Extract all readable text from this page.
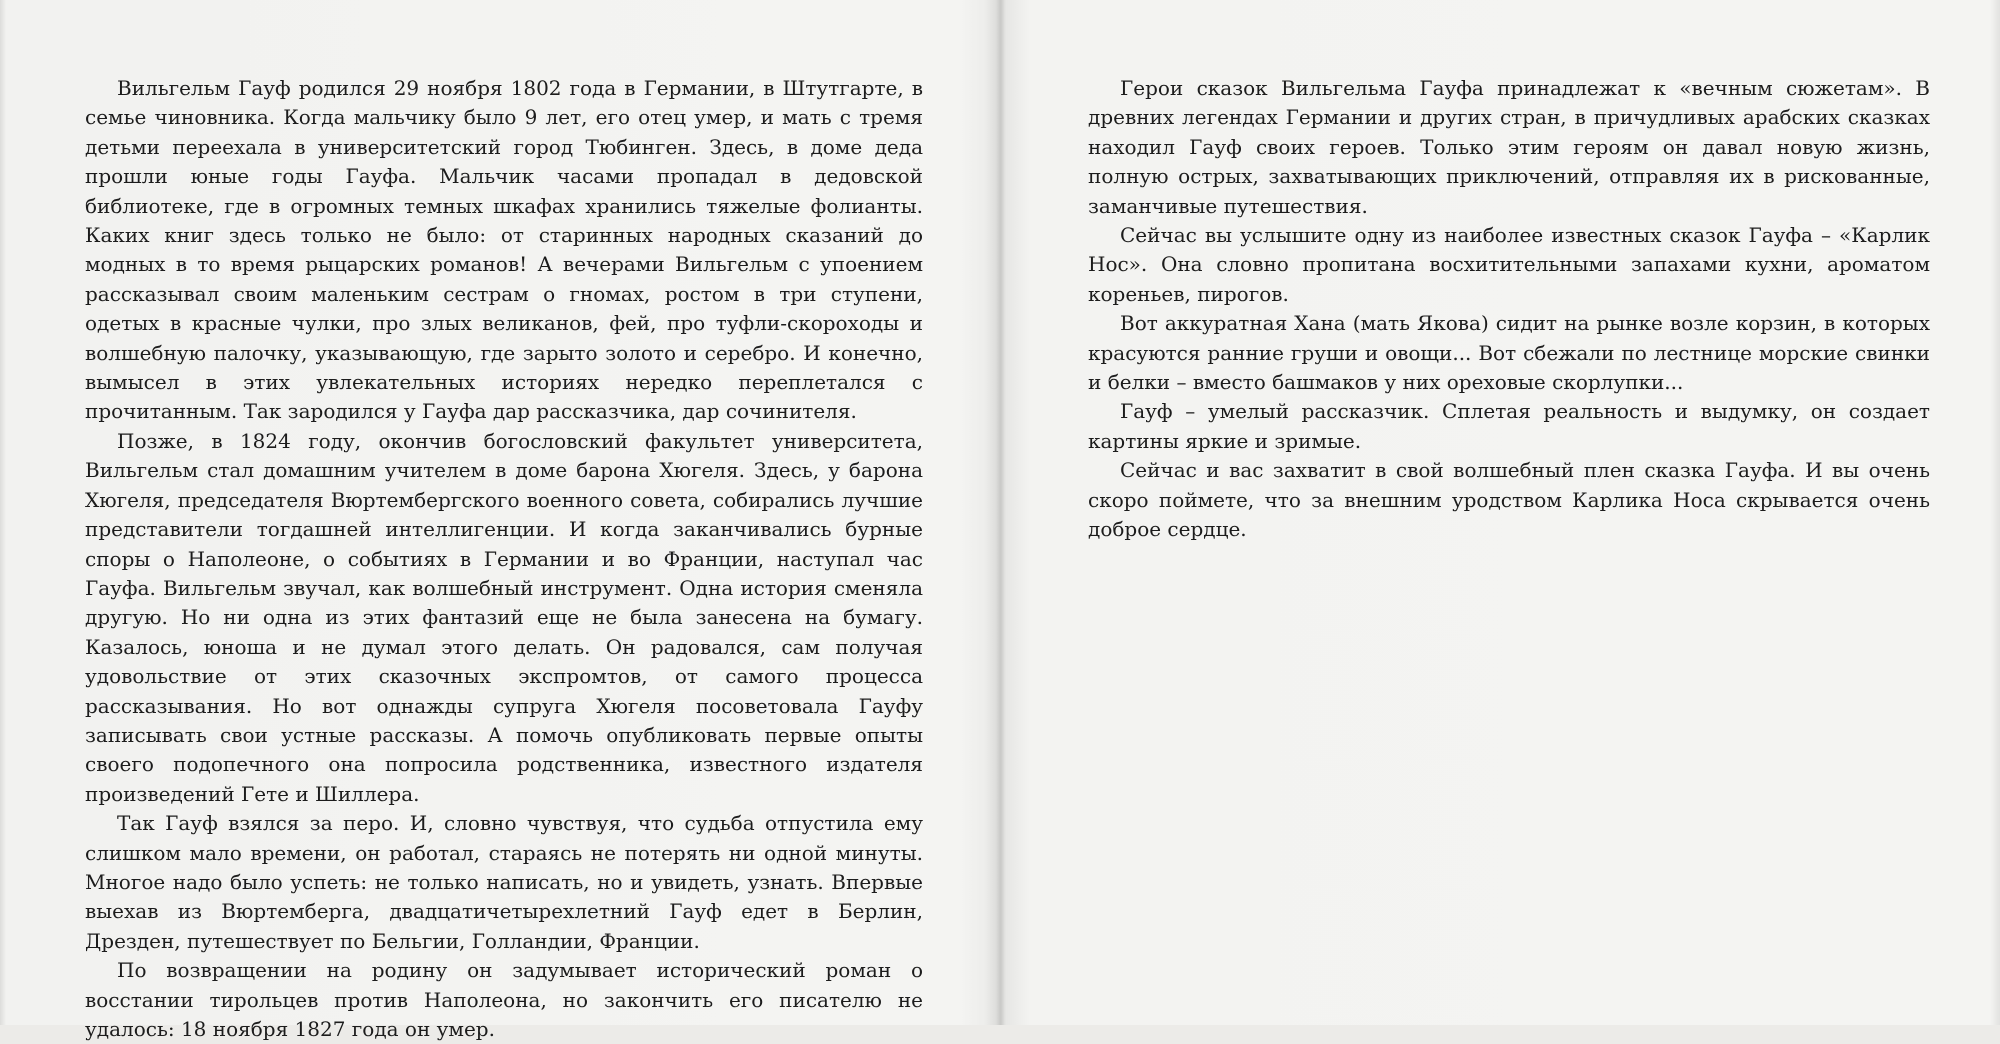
Вильгельм Гауф родился 29 ноября 1802 года в Германии, в Штутгарте, в семье чиновника. Когда мальчику было 9 лет, его отец умер, и мать с тремя детьми переехала в университетский город Тюбинген. Здесь, в доме деда прошли юные годы Гауфа. Мальчик часами пропадал в дедовской библиотеке, где в огромных темных шкафах хранились тяжелые фолианты. Каких книг здесь только не было: от старинных народных сказаний до модных в то время рыцарских романов! А вечерами Вильгельм с упоением рассказывал своим маленьким сестрам о гномах, ростом в три ступени, одетых в красные чулки, про злых великанов, фей, про туфли-скороходы и волшебную палочку, указывающую, где зарыто золото и серебро. И конечно, вымысел в этих увлекательных историях нередко переплетался с прочитанным. Так зародился у Гауфа дар рассказчика, дар сочинителя.

Позже, в 1824 году, окончив богословский факультет университета, Вильгельм стал домашним учителем в доме барона Хюгеля. Здесь, у барона Хюгеля, председателя Вюртембергского военного совета, собирались лучшие представители тогдашней интеллигенции. И когда заканчивались бурные споры о Наполеоне, о событиях в Германии и во Франции, наступал час Гауфа. Вильгельм звучал, как волшебный инструмент. Одна история сменяла другую. Но ни одна из этих фантазий еще не была занесена на бумагу. Казалось, юноша и не думал этого делать. Он радовался, сам получая удовольствие от этих сказочных экспромтов, от самого процесса рассказывания. Но вот однажды супруга Хюгеля посоветовала Гауфу записывать свои устные рассказы. А помочь опубликовать первые опыты своего подопечного она попросила родственника, известного издателя произведений Гете и Шиллера.

Так Гауф взялся за перо. И, словно чувствуя, что судьба отпустила ему слишком мало времени, он работал, стараясь не потерять ни одной минуты. Многое надо было успеть: не только написать, но и увидеть, узнать. Впервые выехав из Вюртемберга, двадцатичетырехлетний Гауф едет в Берлин, Дрезден, путешествует по Бельгии, Голландии, Франции.

По возвращении на родину он задумывает исторический роман о восстании тирольцев против Наполеона, но закончить его писателю не удалось: 18 ноября 1827 года он умер.

Герои сказок Вильгельма Гауфа принадлежат к «вечным сюжетам». В древних легендах Германии и других стран, в причудливых арабских сказках находил Гауф своих героев. Только этим героям он давал новую жизнь, полную острых, захватывающих приключений, отправляя их в рискованные, заманчивые путешествия.

Сейчас вы услышите одну из наиболее известных сказок Гауфа – «Карлик Нос». Она словно пропитана восхитительными запахами кухни, ароматом кореньев, пирогов.

Вот аккуратная Хана (мать Якова) сидит на рынке возле корзин, в которых красуются ранние груши и овощи... Вот сбежали по лестнице морские свинки и белки – вместо башмаков у них ореховые скорлупки...

Гауф – умелый рассказчик. Сплетая реальность и выдумку, он создает картины яркие и зримые.

Сейчас и вас захватит в свой волшебный плен сказка Гауфа. И вы очень скоро поймете, что за внешним уродством Карлика Носа скрывается очень доброе сердце.
